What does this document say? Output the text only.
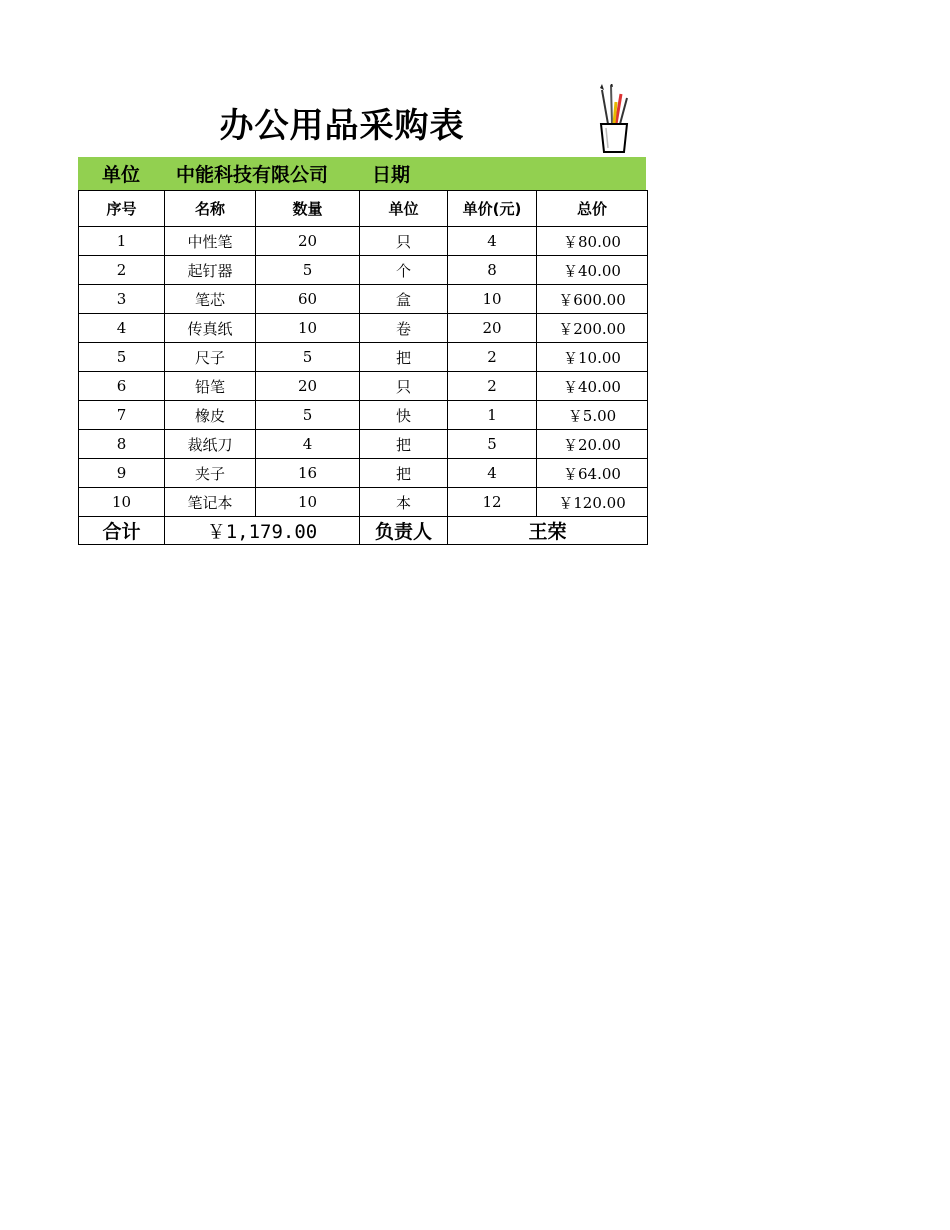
办公用品采购表
单位	中能科技有限公司	日期
序号	名称	数量	单位	单价(元)	总价
1	中性笔	20	只	4	￥80.00
2	起钉器	5	个	8	￥40.00
3	笔芯	60	盒	10	￥600.00
4	传真纸	10	卷	20	￥200.00
5	尺子	5	把	2	￥10.00
6	铅笔	20	只	2	￥40.00
7	橡皮	5	快	1	￥5.00
8	裁纸刀	4	把	5	￥20.00
9	夹子	16	把	4	￥64.00
10	笔记本	10	本	12	￥120.00
合计	￥1,179.00		负责人	王荣	
